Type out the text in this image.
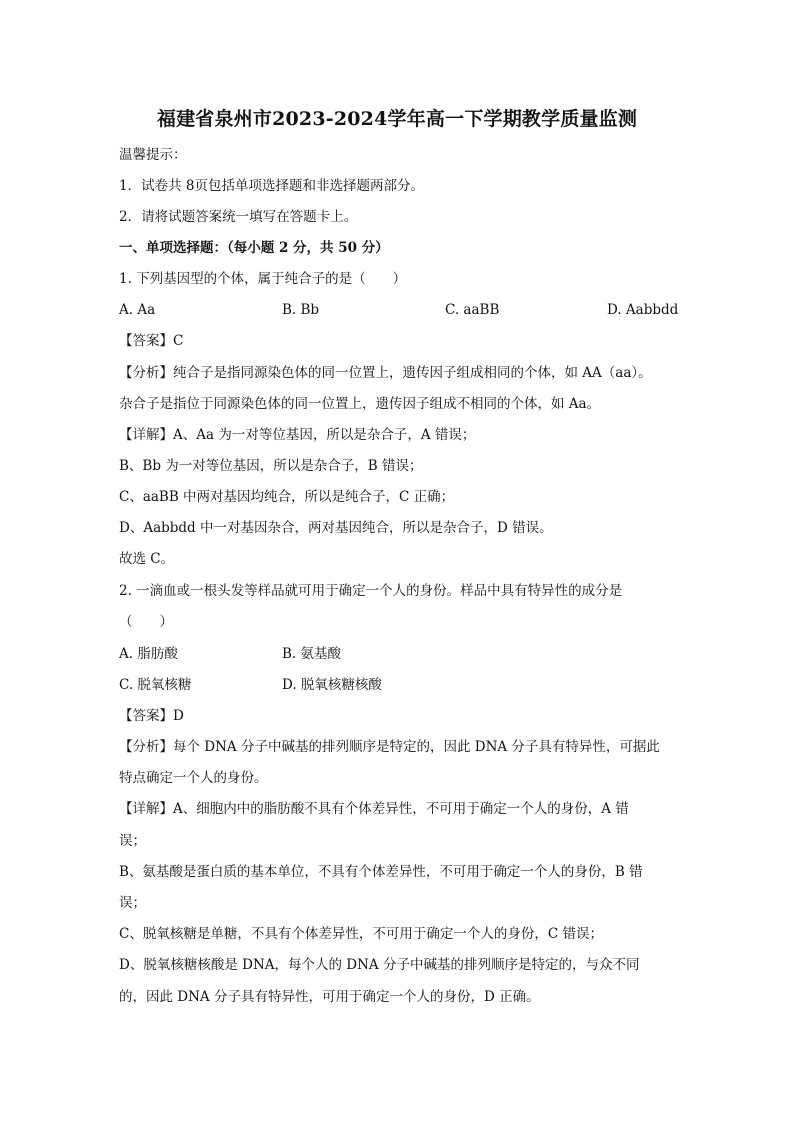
福建省泉州市2023-2024学年高一下学期教学质量监测
温馨提示：
1．试卷共 8页包括单项选择题和非选择题两部分。
2．请将试题答案统一填写在答题卡上。
一、单项选择题：（每小题 2 分，共 50 分）
1. 下列基因型的个体，属于纯合子的是（　　）
A. Aa	B. Bb	C. aaBB	D. Aabbdd
【答案】C
【分析】纯合子是指同源染色体的同一位置上，遗传因子组成相同的个体，如 AA（aa）。
杂合子是指位于同源染色体的同一位置上，遗传因子组成不相同的个体，如 Aa。
【详解】A、Aa 为一对等位基因，所以是杂合子，A 错误；
B、Bb 为一对等位基因，所以是杂合子，B 错误；
C、aaBB 中两对基因均纯合，所以是纯合子，C 正确；
D、Aabbdd 中一对基因杂合，两对基因纯合，所以是杂合子，D 错误。
故选 C。
2. 一滴血或一根头发等样品就可用于确定一个人的身份。样品中具有特异性的成分是
（　　）
A. 脂肪酸	B. 氨基酸
C. 脱氧核糖	D. 脱氧核糖核酸
【答案】D
【分析】每个 DNA 分子中碱基的排列顺序是特定的，因此 DNA 分子具有特异性，可据此
特点确定一个人的身份。
【详解】A、细胞内中的脂肪酸不具有个体差异性，不可用于确定一个人的身份，A 错
误；
B、氨基酸是蛋白质的基本单位，不具有个体差异性，不可用于确定一个人的身份，B 错
误；
C、脱氧核糖是单糖，不具有个体差异性，不可用于确定一个人的身份，C 错误；
D、脱氧核糖核酸是 DNA，每个人的 DNA 分子中碱基的排列顺序是特定的，与众不同
的，因此 DNA 分子具有特异性，可用于确定一个人的身份，D 正确。
